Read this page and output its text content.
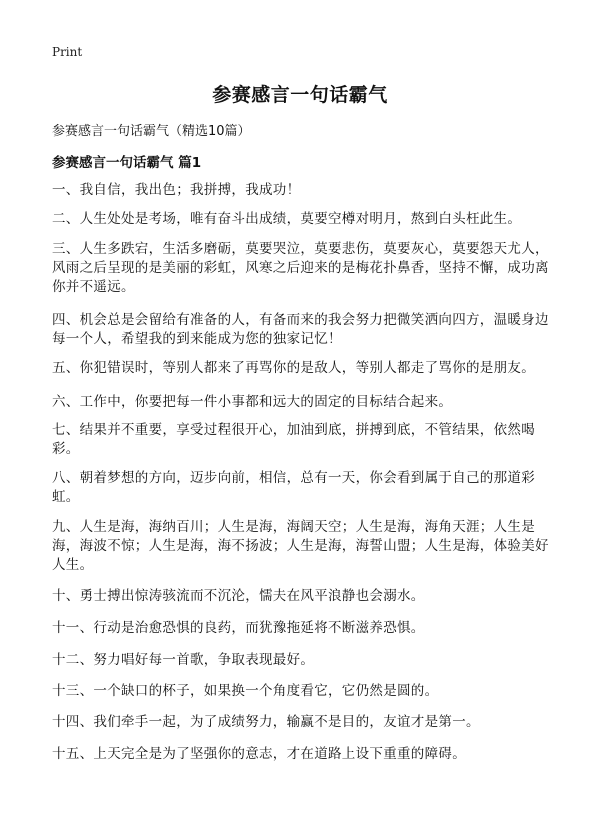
Print
参赛感言一句话霸气
参赛感言一句话霸气（精选10篇）
参赛感言一句话霸气 篇1
一、我自信，我出色；我拼搏，我成功！
二、人生处处是考场，唯有奋斗出成绩，莫要空樽对明月，熬到白头枉此生。
三、人生多跌宕，生活多磨砺，莫要哭泣，莫要悲伤，莫要灰心，莫要怨天尤人，风雨之后呈现的是美丽的彩虹，风寒之后迎来的是梅花扑鼻香，坚持不懈，成功离你并不遥远。
四、机会总是会留给有准备的人，有备而来的我会努力把微笑洒向四方，温暖身边每一个人，希望我的到来能成为您的独家记忆！
五、你犯错误时，等别人都来了再骂你的是敌人，等别人都走了骂你的是朋友。
六、工作中，你要把每一件小事都和远大的固定的目标结合起来。
七、结果并不重要，享受过程很开心，加油到底，拼搏到底，不管结果，依然喝彩。
八、朝着梦想的方向，迈步向前，相信，总有一天，你会看到属于自己的那道彩虹。
九、人生是海，海纳百川；人生是海，海阔天空；人生是海，海角天涯；人生是海，海波不惊；人生是海，海不扬波；人生是海，海誓山盟；人生是海，体验美好人生。
十、勇士搏出惊涛骇流而不沉沦，懦夫在风平浪静也会溺水。
十一、行动是治愈恐惧的良药，而犹豫拖延将不断滋养恐惧。
十二、努力唱好每一首歌，争取表现最好。
十三、一个缺口的杯子，如果换一个角度看它，它仍然是圆的。
十四、我们牵手一起，为了成绩努力，输赢不是目的，友谊才是第一。
十五、上天完全是为了坚强你的意志，才在道路上设下重重的障碍。
